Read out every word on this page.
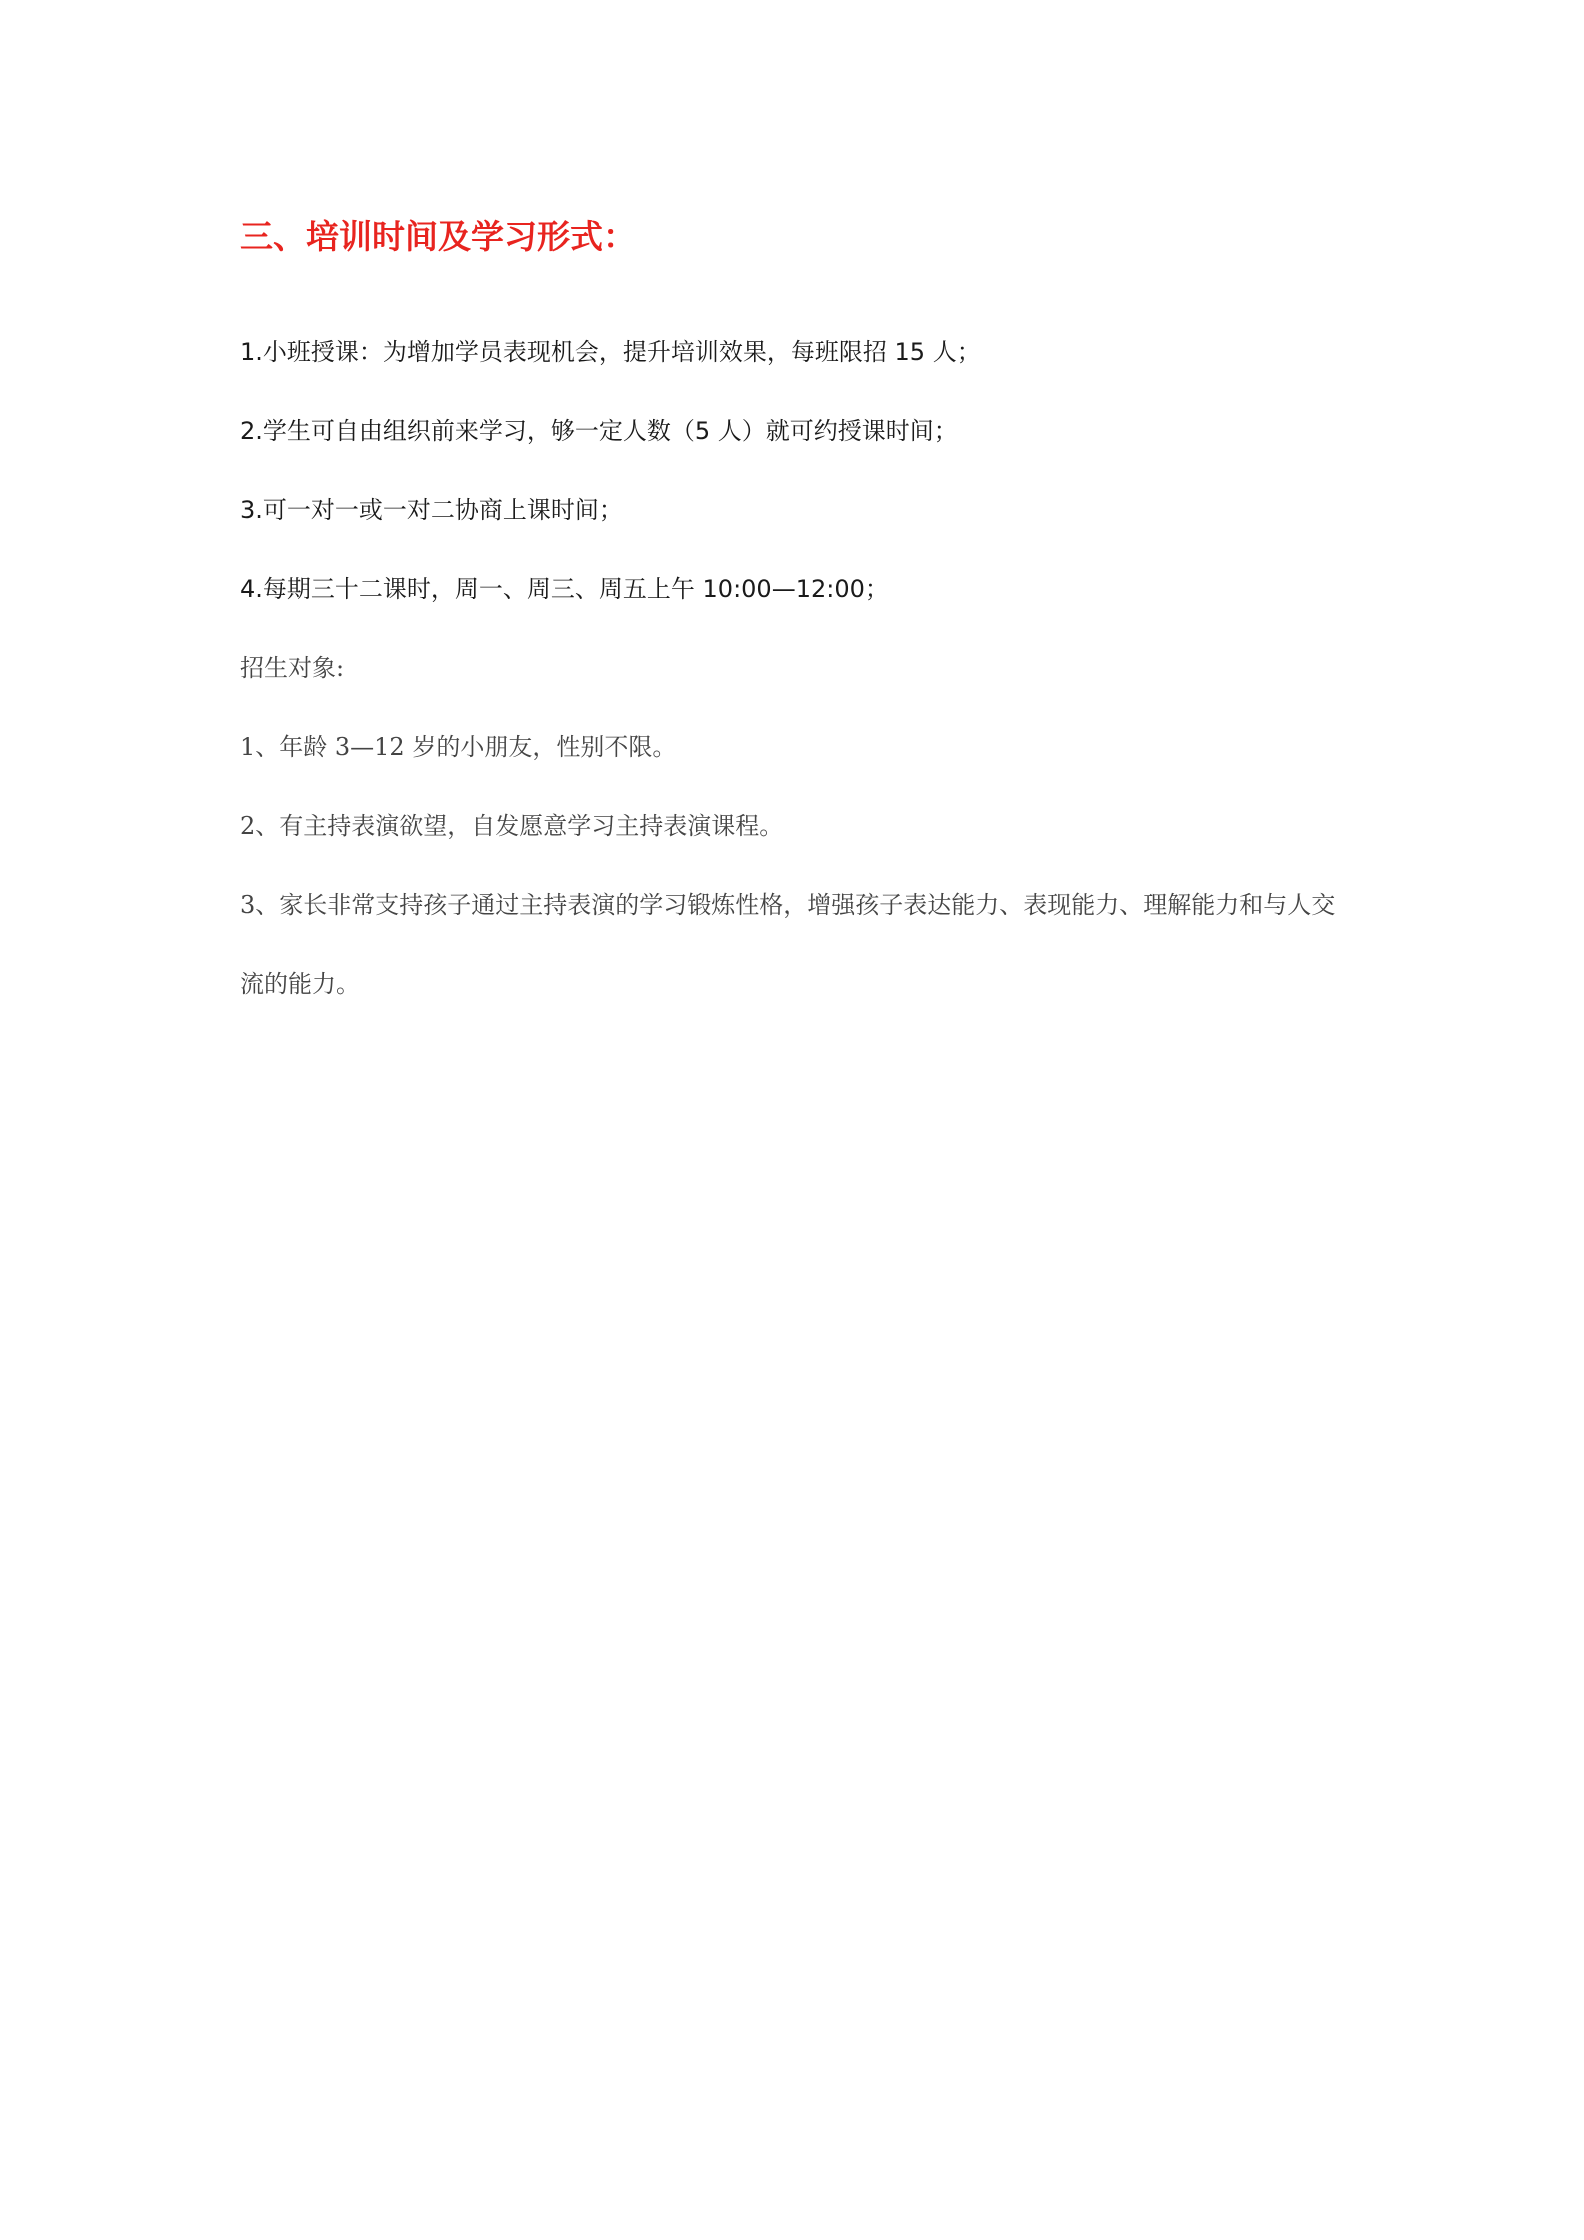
三、培训时间及学习形式：
1.小班授课：为增加学员表现机会，提升培训效果，每班限招 15 人；
2.学生可自由组织前来学习，够一定人数（5 人）就可约授课时间；
3.可一对一或一对二协商上课时间；
4.每期三十二课时，周一、周三、周五上午 10:00—12:00；
招生对象:
1、年龄 3—12 岁的小朋友，性别不限。
2、有主持表演欲望，自发愿意学习主持表演课程。
3、家长非常支持孩子通过主持表演的学习锻炼性格，增强孩子表达能力、表现能力、理解能力和与人交流的能力。
